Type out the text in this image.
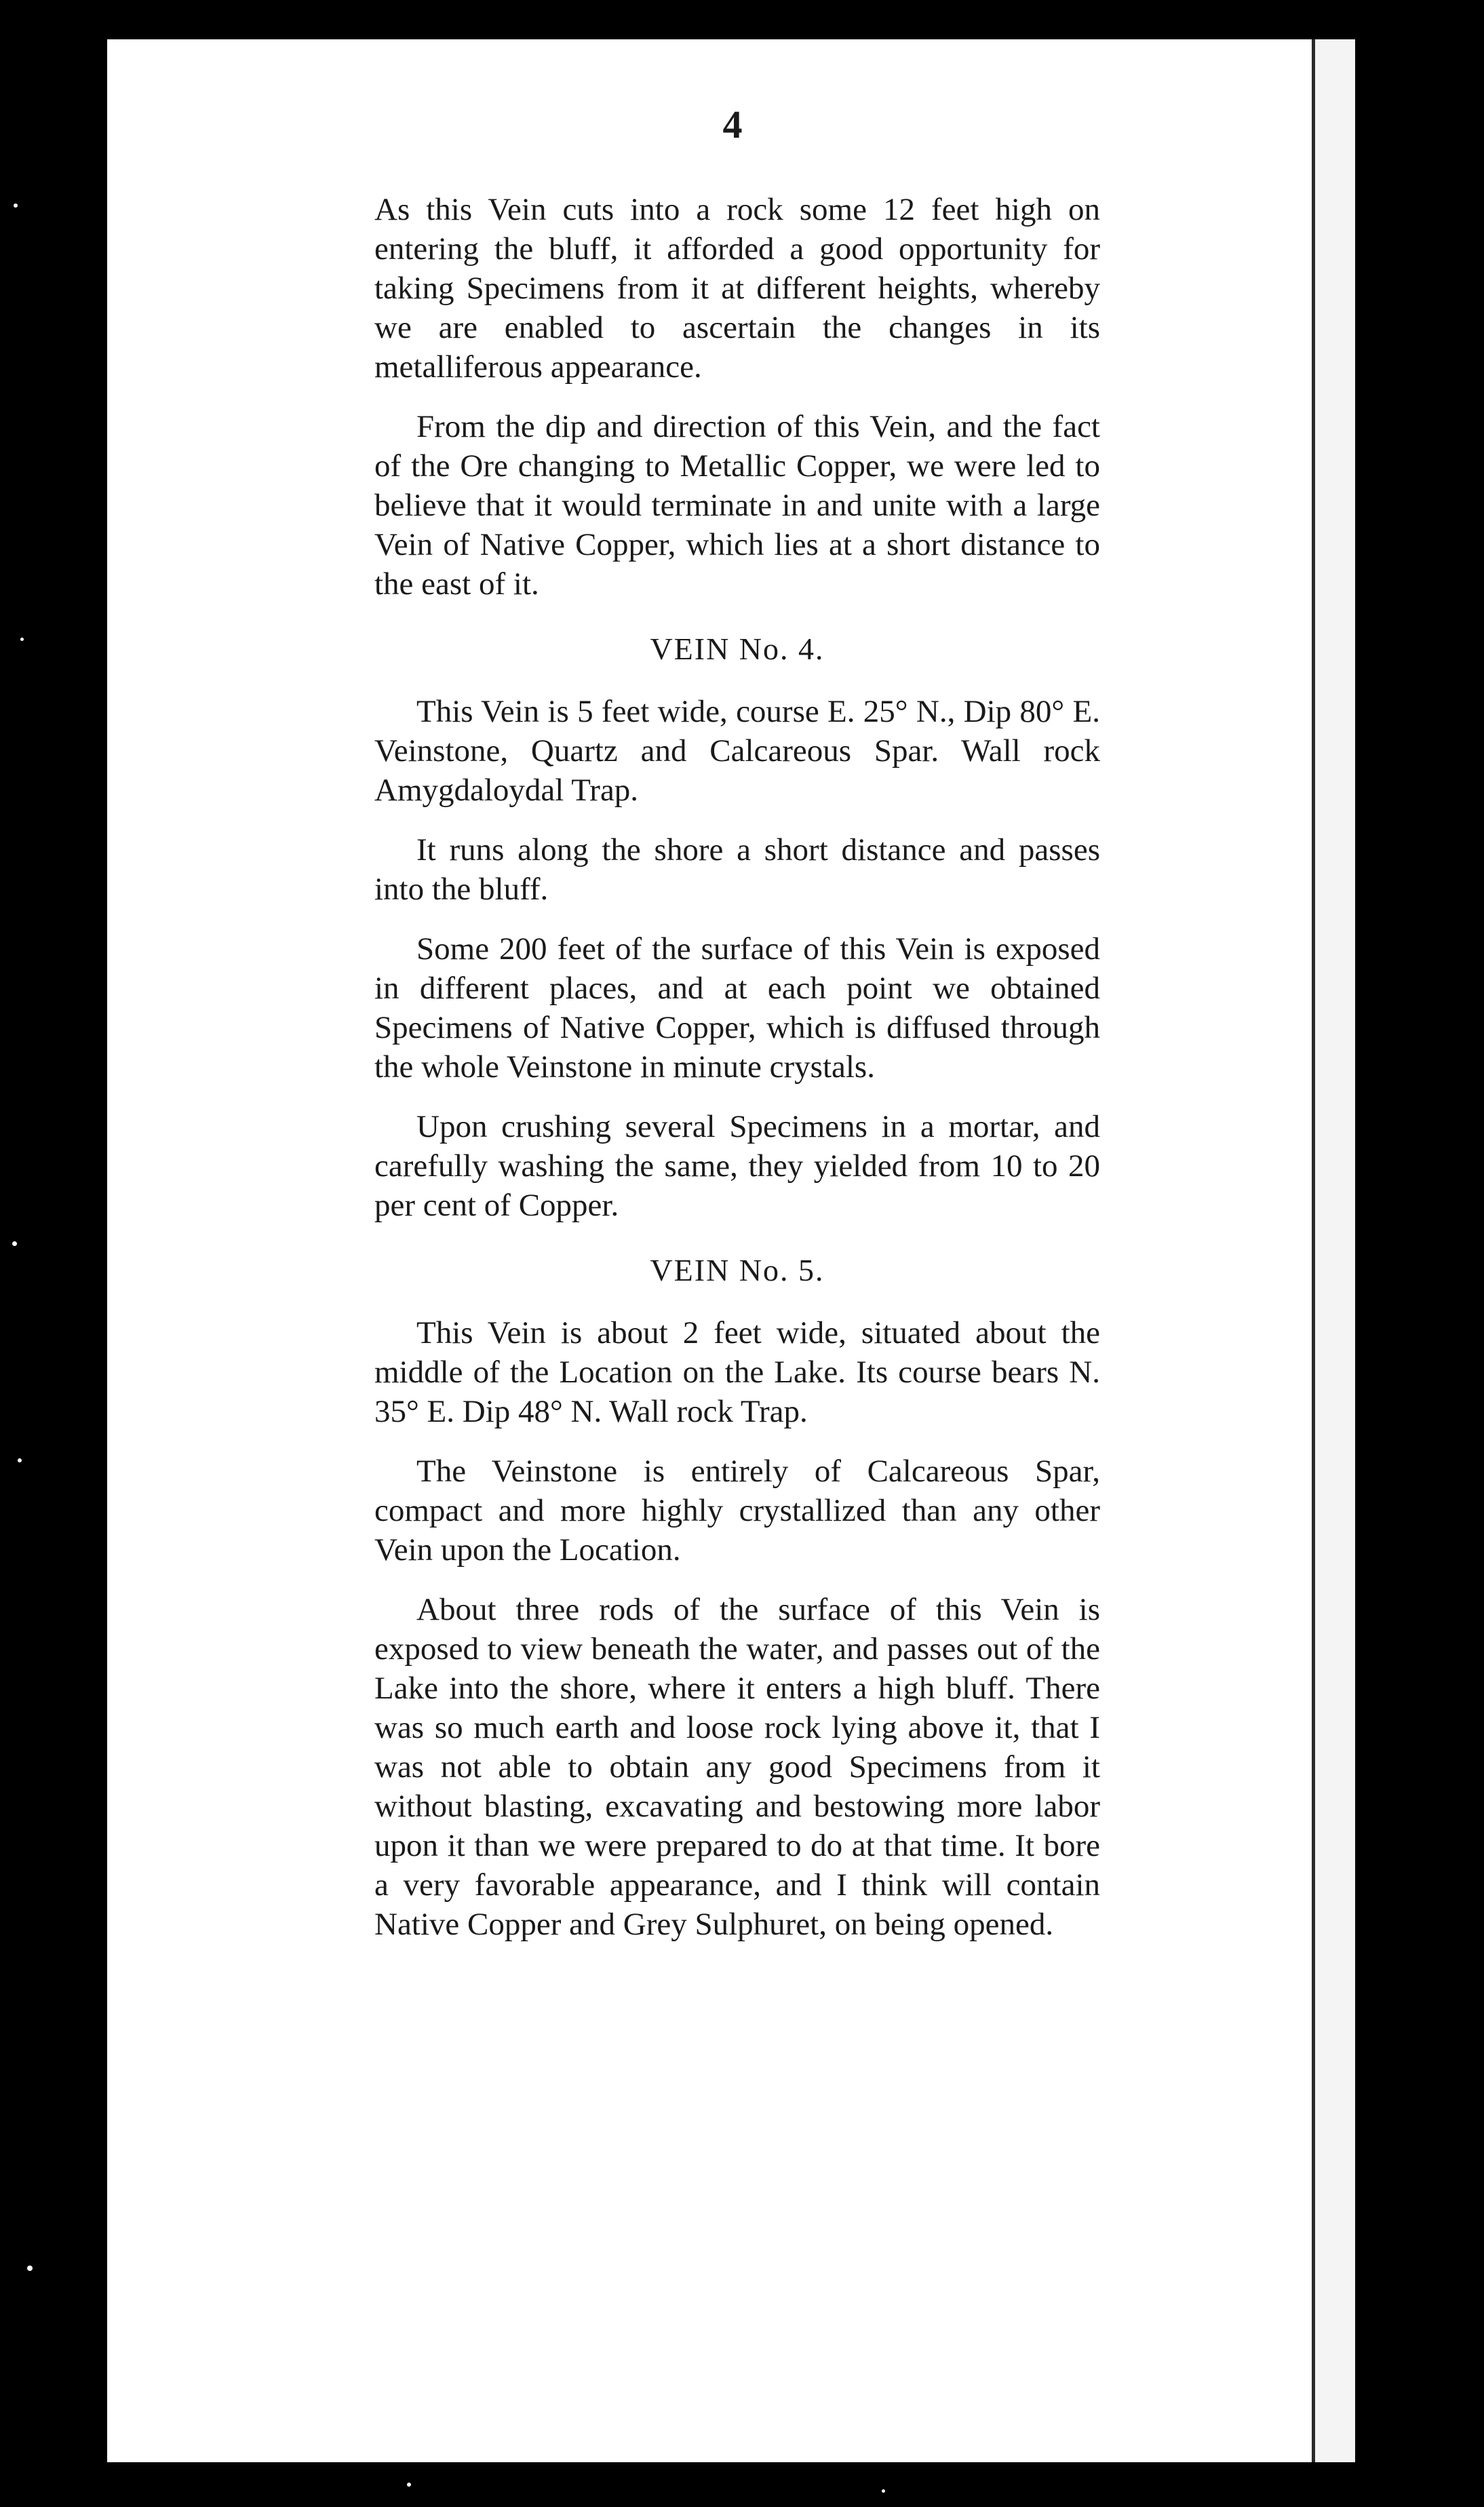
4

As this Vein cuts into a rock some 12 feet high on entering the bluff, it afforded a good opportunity for taking Specimens from it at different heights, whereby we are enabled to ascertain the changes in its metalliferous appearance.

From the dip and direction of this Vein, and the fact of the Ore changing to Metallic Copper, we were led to believe that it would terminate in and unite with a large Vein of Native Copper, which lies at a short distance to the east of it.

VEIN No. 4.

This Vein is 5 feet wide, course E. 25° N., Dip 80° E. Veinstone, Quartz and Calcareous Spar. Wall rock Amygdaloydal Trap.

It runs along the shore a short distance and passes into the bluff.

Some 200 feet of the surface of this Vein is exposed in different places, and at each point we obtained Specimens of Native Copper, which is diffused through the whole Veinstone in minute crystals.

Upon crushing several Specimens in a mortar, and carefully washing the same, they yielded from 10 to 20 per cent of Copper.

VEIN No. 5.

This Vein is about 2 feet wide, situated about the middle of the Location on the Lake. Its course bears N. 35° E. Dip 48° N. Wall rock Trap.

The Veinstone is entirely of Calcareous Spar, compact and more highly crystallized than any other Vein upon the Location.

About three rods of the surface of this Vein is exposed to view beneath the water, and passes out of the Lake into the shore, where it enters a high bluff. There was so much earth and loose rock lying above it, that I was not able to obtain any good Specimens from it without blasting, excavating and bestowing more labor upon it than we were prepared to do at that time. It bore a very favorable appearance, and I think will contain Native Copper and Grey Sulphuret, on being opened.
